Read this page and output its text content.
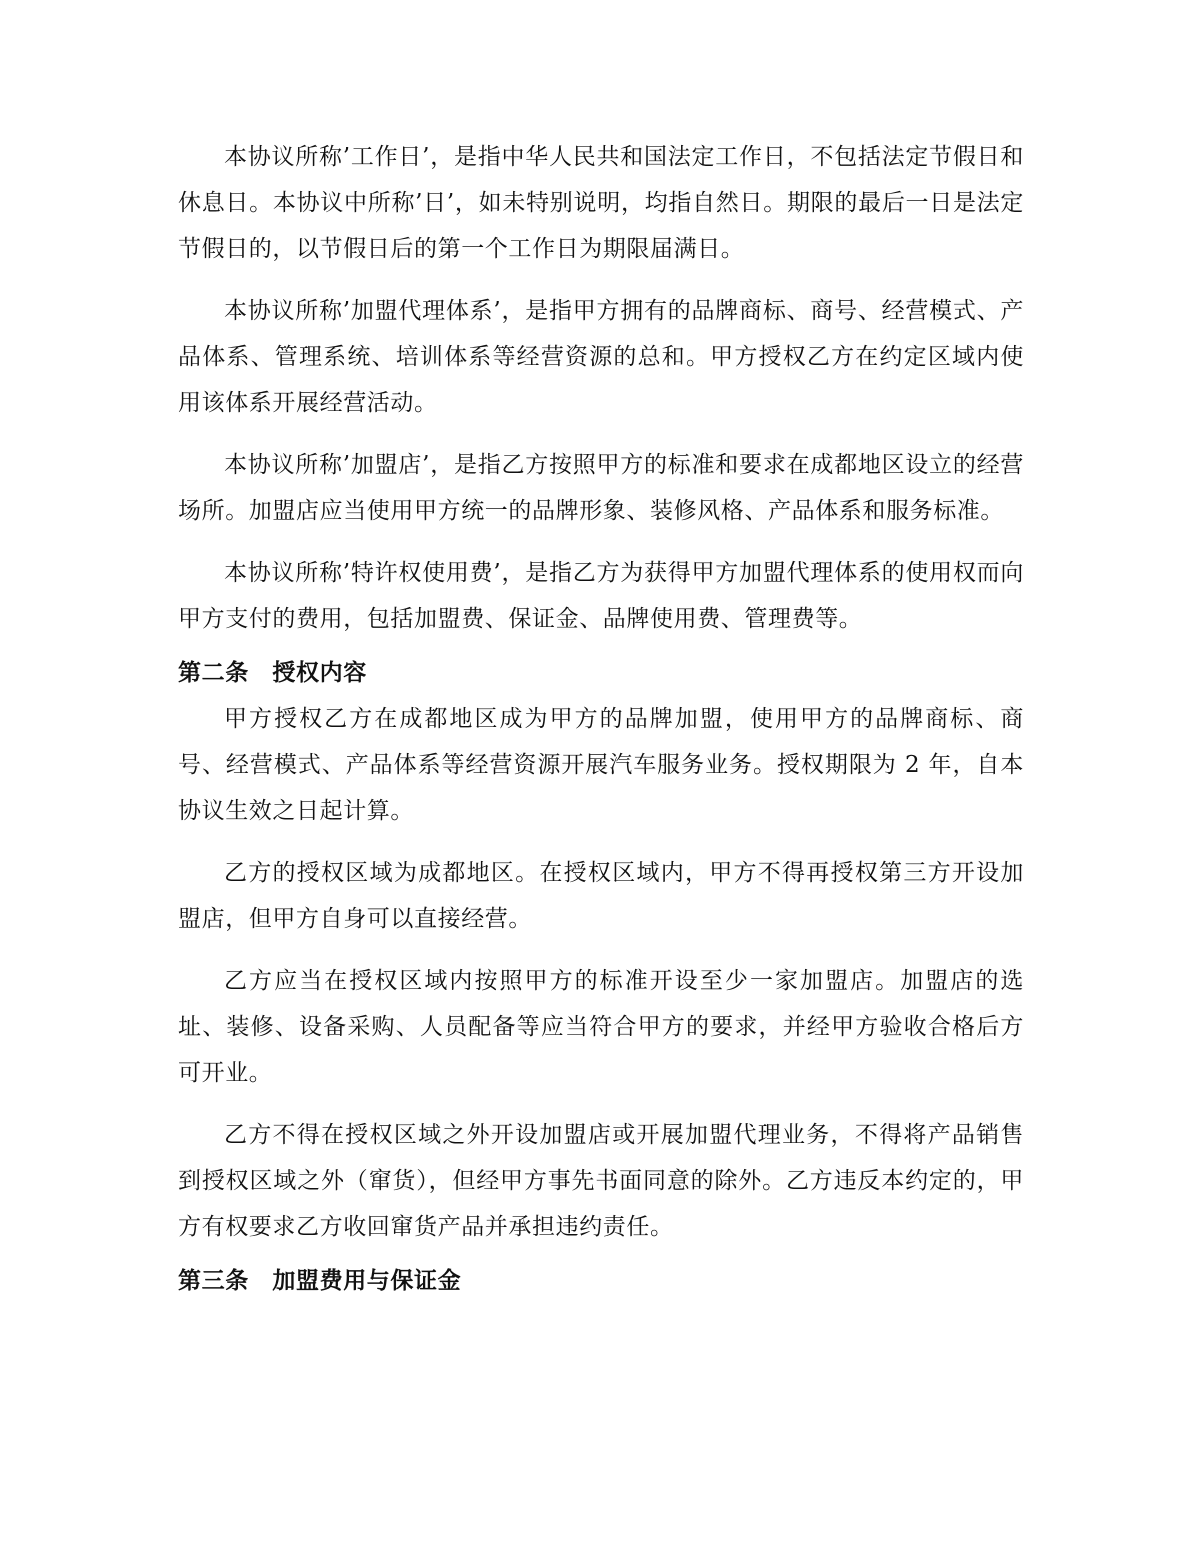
本协议所称’工作日’，是指中华人民共和国法定工作日，不包括法定节假日和休息日。本协议中所称’日’，如未特别说明，均指自然日。期限的最后一日是法定节假日的，以节假日后的第一个工作日为期限届满日。

本协议所称’加盟代理体系’，是指甲方拥有的品牌商标、商号、经营模式、产品体系、管理系统、培训体系等经营资源的总和。甲方授权乙方在约定区域内使用该体系开展经营活动。

本协议所称’加盟店’，是指乙方按照甲方的标准和要求在成都地区设立的经营场所。加盟店应当使用甲方统一的品牌形象、装修风格、产品体系和服务标准。

本协议所称’特许权使用费’，是指乙方为获得甲方加盟代理体系的使用权而向甲方支付的费用，包括加盟费、保证金、品牌使用费、管理费等。

第二条　授权内容

甲方授权乙方在成都地区成为甲方的品牌加盟，使用甲方的品牌商标、商号、经营模式、产品体系等经营资源开展汽车服务业务。授权期限为 2 年，自本协议生效之日起计算。

乙方的授权区域为成都地区。在授权区域内，甲方不得再授权第三方开设加盟店，但甲方自身可以直接经营。

乙方应当在授权区域内按照甲方的标准开设至少一家加盟店。加盟店的选址、装修、设备采购、人员配备等应当符合甲方的要求，并经甲方验收合格后方可开业。

乙方不得在授权区域之外开设加盟店或开展加盟代理业务，不得将产品销售到授权区域之外（窜货），但经甲方事先书面同意的除外。乙方违反本约定的，甲方有权要求乙方收回窜货产品并承担违约责任。

第三条　加盟费用与保证金
